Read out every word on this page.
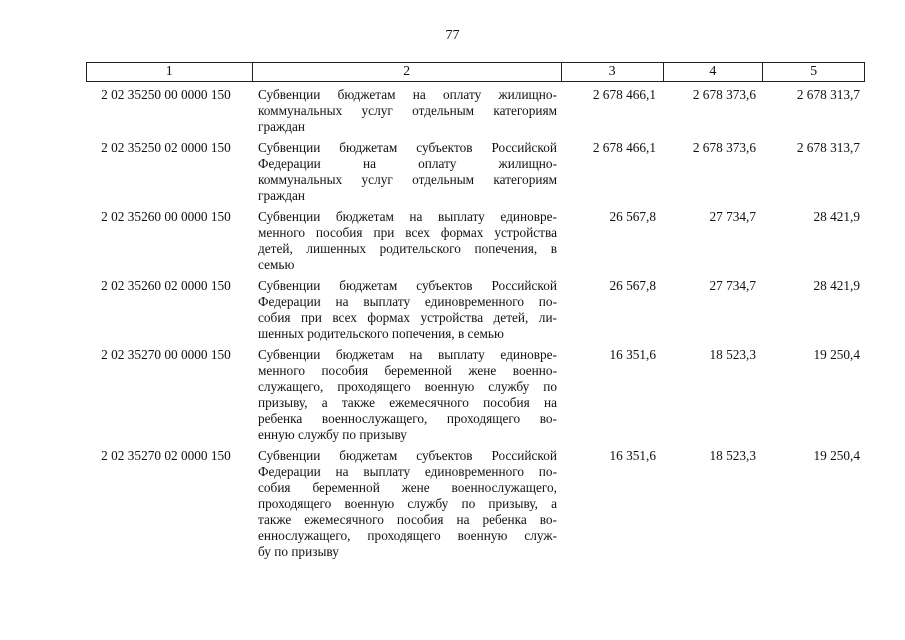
77
1	2	3	4	5
2 02 35250 00 0000 150	Субвенции бюджетам на оплату жилищно-
коммунальных услуг отдельным категориям
граждан
2 678 466,1	2 678 373,6	2 678 313,7
2 02 35250 02 0000 150	Субвенции бюджетам субъектов Российской
Федерации на оплату жилищно-
коммунальных услуг отдельным категориям
граждан
2 678 466,1	2 678 373,6	2 678 313,7
2 02 35260 00 0000 150	Субвенции бюджетам на выплату единовре-
менного пособия при всех формах устройства
детей, лишенных родительского попечения, в
семью
26 567,8	27 734,7	28 421,9
2 02 35260 02 0000 150	Субвенции бюджетам субъектов Российской
Федерации на выплату единовременного по-
собия при всех формах устройства детей, ли-
шенных родительского попечения, в семью
26 567,8	27 734,7	28 421,9
2 02 35270 00 0000 150	Субвенции бюджетам на выплату единовре-
менного пособия беременной жене военно-
служащего, проходящего военную службу по
призыву, а также ежемесячного пособия на
ребенка военнослужащего, проходящего во-
енную службу по призыву
16 351,6	18 523,3	19 250,4
2 02 35270 02 0000 150	Субвенции бюджетам субъектов Российской
Федерации на выплату единовременного по-
собия беременной жене военнослужащего,
проходящего военную службу по призыву, а
также ежемесячного пособия на ребенка во-
еннослужащего, проходящего военную служ-
бу по призыву
16 351,6	18 523,3	19 250,4
